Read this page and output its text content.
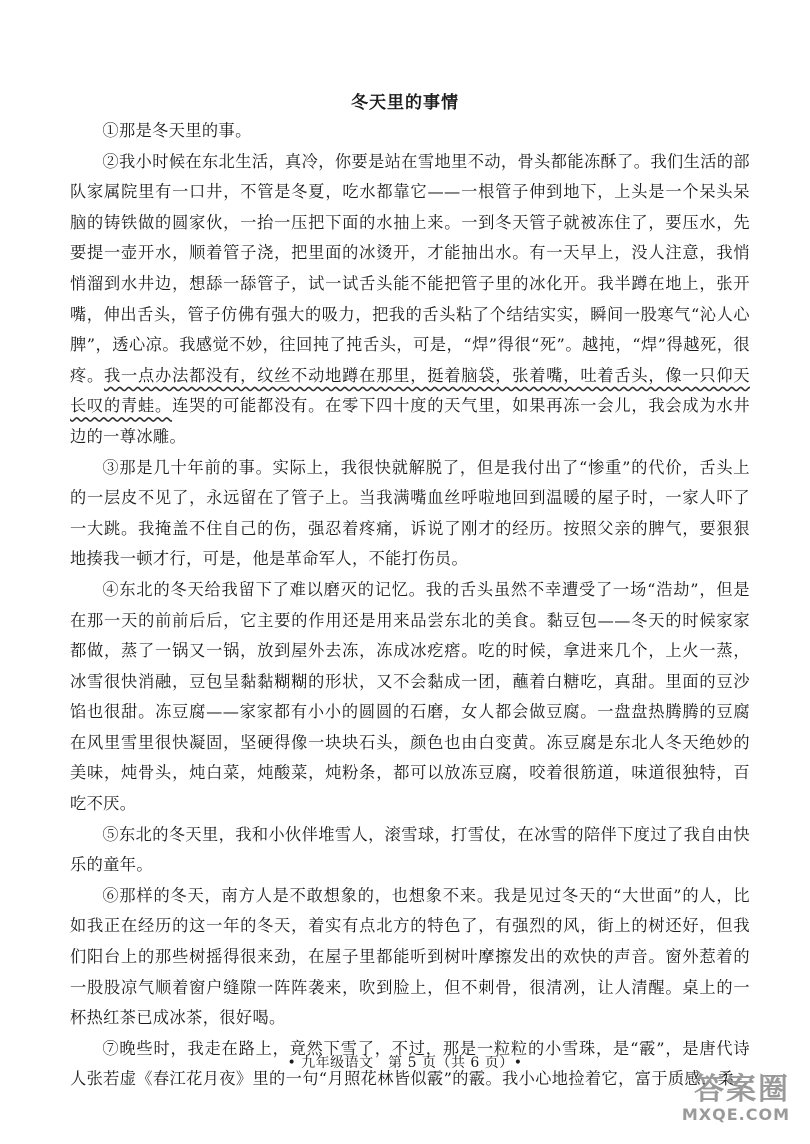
冬天里的事情

①那是冬天里的事。

②我小时候在东北生活，真冷，你要是站在雪地里不动，骨头都能冻酥了。我们生活的部队家属院里有一口井，不管是冬夏，吃水都靠它——一根管子伸到地下，上头是一个呆头呆脑的铸铁做的圆家伙，一抬一压把下面的水抽上来。一到冬天管子就被冻住了，要压水，先要提一壶开水，顺着管子浇，把里面的冰烫开，才能抽出水。有一天早上，没人注意，我悄悄溜到水井边，想舔一舔管子，试一试舌头能不能把管子里的冰化开。我半蹲在地上，张开嘴，伸出舌头，管子仿佛有强大的吸力，把我的舌头粘了个结结实实，瞬间一股寒气“沁人心脾”，透心凉。我感觉不妙，往回扽了扽舌头，可是，“焊”得很“死”。越扽，“焊”得越死，很疼。我一点办法都没有，纹丝不动地蹲在那里，挺着脑袋，张着嘴，吐着舌头，像一只仰天长叹的青蛙。连哭的可能都没有。在零下四十度的天气里，如果再冻一会儿，我会成为水井边的一尊冰雕。

③那是几十年前的事。实际上，我很快就解脱了，但是我付出了“惨重”的代价，舌头上的一层皮不见了，永远留在了管子上。当我满嘴血丝呼啦地回到温暖的屋子时，一家人吓了一大跳。我掩盖不住自己的伤，强忍着疼痛，诉说了刚才的经历。按照父亲的脾气，要狠狠地揍我一顿才行，可是，他是革命军人，不能打伤员。

④东北的冬天给我留下了难以磨灭的记忆。我的舌头虽然不幸遭受了一场“浩劫”，但是在那一天的前前后后，它主要的作用还是用来品尝东北的美食。黏豆包——冬天的时候家家都做，蒸了一锅又一锅，放到屋外去冻，冻成冰疙瘩。吃的时候，拿进来几个，上火一蒸，冰雪很快消融，豆包呈黏黏糊糊的形状，又不会黏成一团，蘸着白糖吃，真甜。里面的豆沙馅也很甜。冻豆腐——家家都有小小的圆圆的石磨，女人都会做豆腐。一盘盘热腾腾的豆腐在风里雪里很快凝固，坚硬得像一块块石头，颜色也由白变黄。冻豆腐是东北人冬天绝妙的美味，炖骨头，炖白菜，炖酸菜，炖粉条，都可以放冻豆腐，咬着很筋道，味道很独特，百吃不厌。

⑤东北的冬天里，我和小伙伴堆雪人，滚雪球，打雪仗，在冰雪的陪伴下度过了我自由快乐的童年。

⑥那样的冬天，南方人是不敢想象的，也想象不来。我是见过冬天的“大世面”的人，比如我正在经历的这一年的冬天，着实有点北方的特色了，有强烈的风，街上的树还好，但我们阳台上的那些树摇得很来劲，在屋子里都能听到树叶摩擦发出的欢快的声音。窗外惹着的一股股凉气顺着窗户缝隙一阵阵袭来，吹到脸上，但不刺骨，很清冽，让人清醒。桌上的一杯热红茶已成冰茶，很好喝。

⑦晚些时，我走在路上，竟然下雪了，不过，那是一粒粒的小雪珠，是“霰”，是唐代诗人张若虚《春江花月夜》里的一句“月照花林皆似霰”的霰。我小心地捡着它，富于质感，柔

• 九年级语文　第 5 页（共 6 页）•
答案圈
MXQE.COM
